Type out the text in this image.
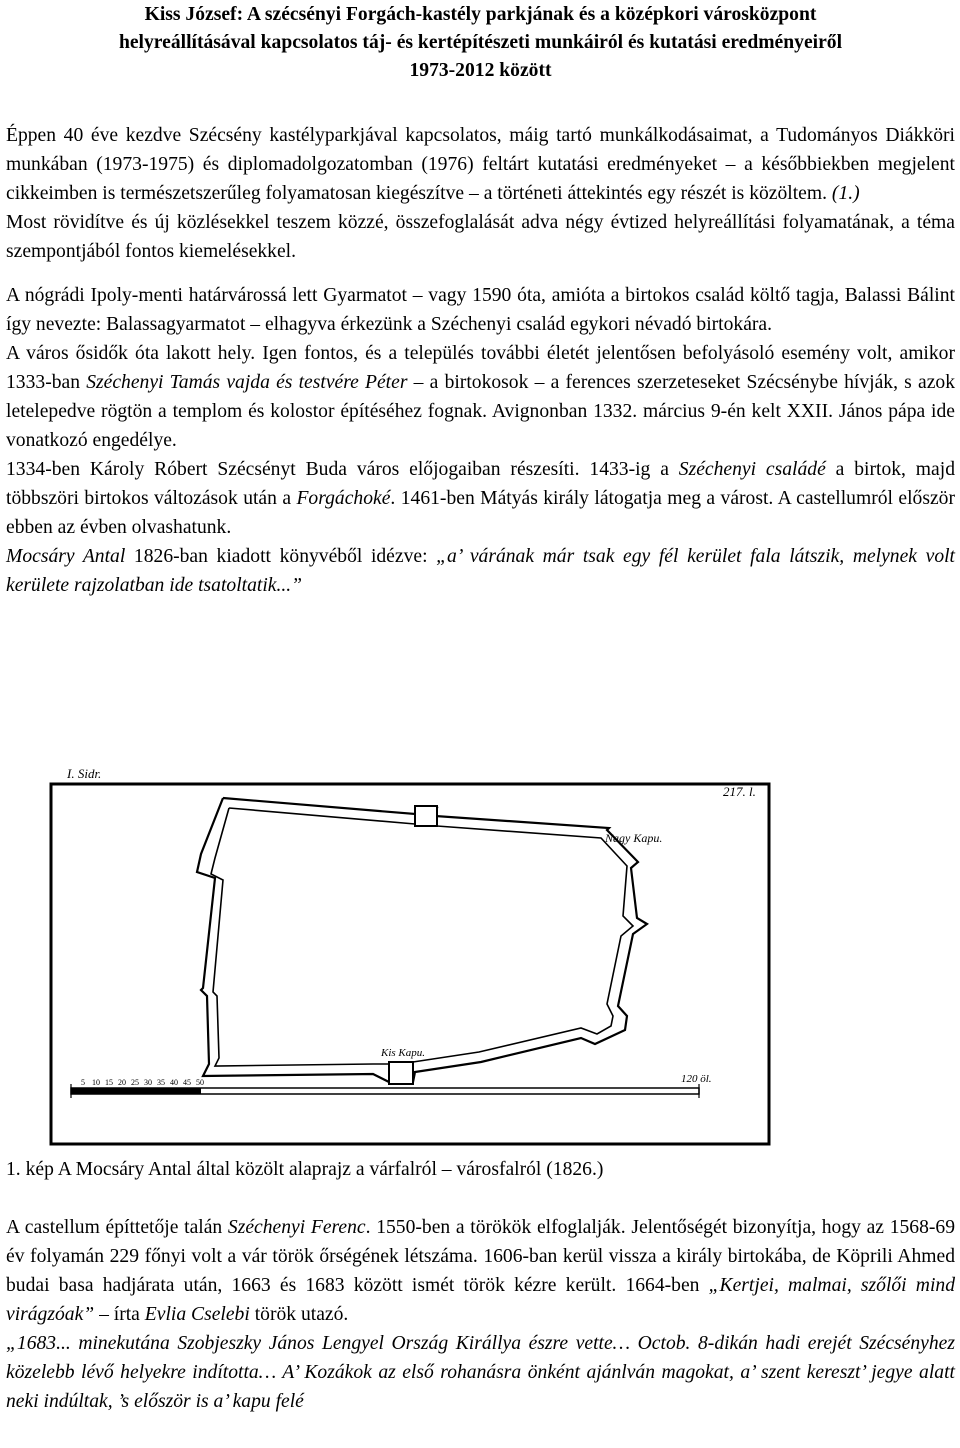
Kiss József: A szécsényi Forgách-kastély parkjának és a középkori városközpont
helyreállításával kapcsolatos táj- és kertépítészeti munkáiról és kutatási eredményeiről
1973-2012 között

Éppen 40 éve kezdve Szécsény kastélyparkjával kapcsolatos, máig tartó munkálkodásaimat, a Tudományos Diákköri munkában (1973-1975) és diplomadolgozatomban (1976) feltárt kutatási eredményeket – a későbbiekben megjelent cikkeimben is természetszerűleg folyamatosan kiegészítve – a történeti áttekintés egy részét is közöltem. (1.)

Most rövidítve és új közlésekkel teszem közzé, összefoglalását adva négy évtized helyreállítási folyamatának, a téma szempontjából fontos kiemelésekkel.

A nógrádi Ipoly-menti határvárossá lett Gyarmatot – vagy 1590 óta, amióta a birtokos család költő tagja, Balassi Bálint így nevezte: Balassagyarmatot – elhagyva érkezünk a Széchenyi család egykori névadó birtokára.

A város ősidők óta lakott hely. Igen fontos, és a település további életét jelentősen befolyásoló esemény volt, amikor 1333-ban Széchenyi Tamás vajda és testvére Péter – a birtokosok – a ferences szerzeteseket Szécsénybe hívják, s azok letelepedve rögtön a templom és kolostor építéséhez fognak. Avignonban 1332. március 9-én kelt XXII. János pápa ide vonatkozó engedélye.

1334-ben Károly Róbert Szécsényt Buda város előjogaiban részesíti. 1433-ig a Széchenyi családé a birtok, majd többszöri birtokos változások után a Forgáchoké. 1461-ben Mátyás király látogatja meg a várost. A castellumról először ebben az évben olvashatunk.

Mocsáry Antal 1826-ban kiadott könyvéből idézve: „a’ várának már tsak egy fél kerület fala látszik, melynek volt kerülete rajzolatban ide tsatoltatik...”

I. Sidr.
217. l.
Nagy Kapu.
Kis Kapu.
5 10 15 20 25 30 35 40 45 50	120 öl.
1. kép A Mocsáry Antal által közölt alaprajz a várfalról – városfalról (1826.)

A castellum építtetője talán Széchenyi Ferenc. 1550-ben a törökök elfoglalják. Jelentőségét bizonyítja, hogy az 1568-69 év folyamán 229 főnyi volt a vár török őrségének létszáma. 1606-ban kerül vissza a király birtokába, de Köprili Ahmed budai basa hadjárata után, 1663 és 1683 között ismét török kézre került. 1664-ben „Kertjei, malmai, szőlői mind virágzóak” – írta Evlia Cselebi török utazó.

„1683... minekutána Szobjeszky János Lengyel Ország Királlya észre vette… Octob. 8-dikán hadi erejét Szécsényhez közelebb lévő helyekre indította… A’ Kozákok az első rohanásra önként ajánlván magokat, a’ szent kereszt’ jegye alatt neki indúltak, ’s először is a’ kapu felé
